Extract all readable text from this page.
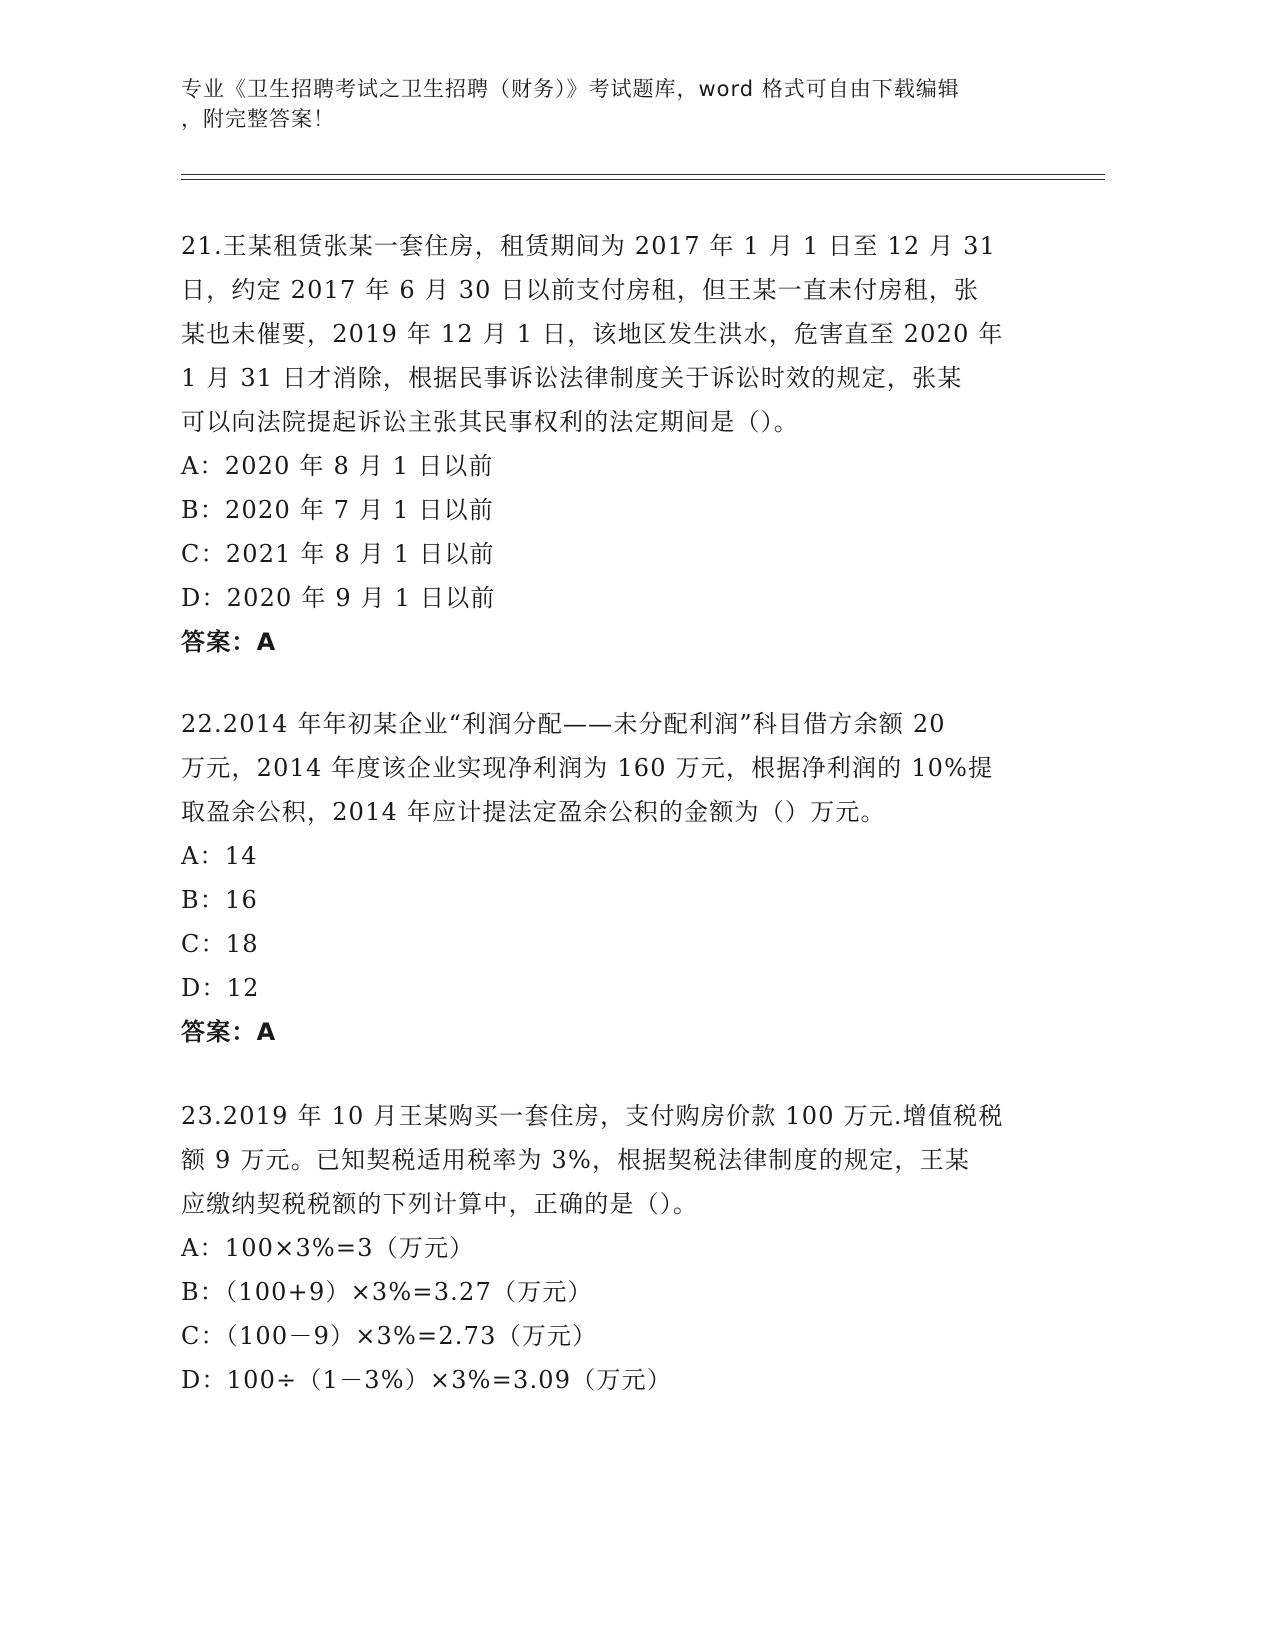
专业《卫生招聘考试之卫生招聘（财务）》考试题库，word 格式可自由下载编辑
，附完整答案！
21.王某租赁张某一套住房，租赁期间为 2017 年 1 月 1 日至 12 月 31
日，约定 2017 年 6 月 30 日以前支付房租，但王某一直未付房租，张
某也未催要，2019 年 12 月 1 日，该地区发生洪水，危害直至 2020 年
1 月 31 日才消除，根据民事诉讼法律制度关于诉讼时效的规定，张某
可以向法院提起诉讼主张其民事权利的法定期间是（）。
A：2020 年 8 月 1 日以前
B：2020 年 7 月 1 日以前
C：2021 年 8 月 1 日以前
D：2020 年 9 月 1 日以前
答案：A
22.2014 年年初某企业“利润分配——未分配利润”科目借方余额 20
万元，2014 年度该企业实现净利润为 160 万元，根据净利润的 10%提
取盈余公积，2014 年应计提法定盈余公积的金额为（）万元。
A：14
B：16
C：18
D：12
答案：A
23.2019 年 10 月王某购买一套住房，支付购房价款 100 万元.增值税税
额 9 万元。已知契税适用税率为 3%，根据契税法律制度的规定，王某
应缴纳契税税额的下列计算中，正确的是（）。
A：100×3%=3（万元）
B：（100+9）×3%=3.27（万元）
C：（100－9）×3%=2.73（万元）
D：100÷（1－3%）×3%=3.09（万元）
